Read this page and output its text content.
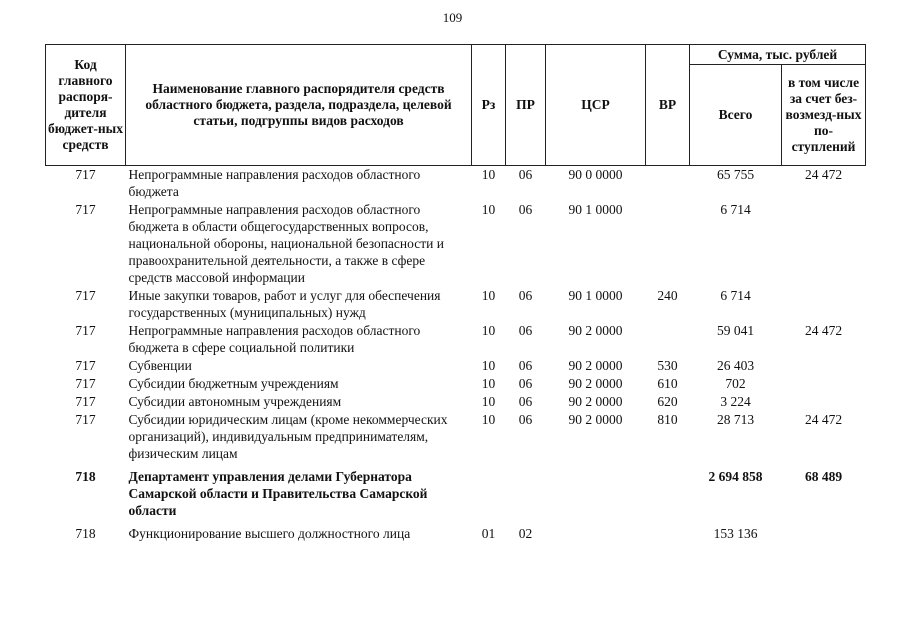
109
Код главного распоря-дителя бюджет-ных средств	Наименование главного распорядителя средств областного бюджета, раздела, подраздела, целевой статьи, подгруппы видов расходов	Рз	ПР	ЦСР	ВР	Сумма, тыс. рублей	
						Всего	в том числе за счет без-возмезд-ных по-ступлений
717	Непрограммные направления расходов областного бюджета	10	06	90 0 0000		65 755	24 472
717	Непрограммные направления расходов областного бюджета в области общегосударственных вопросов, национальной обороны, национальной безопасности и правоохранительной деятельности, а также в сфере средств массовой информации	10	06	90 1 0000		6 714	
717	Иные закупки товаров, работ и услуг для обеспечения государственных (муниципальных) нужд	10	06	90 1 0000	240	6 714	
717	Непрограммные направления расходов областного бюджета в сфере социальной политики	10	06	90 2 0000		59 041	24 472
717	Субвенции	10	06	90 2 0000	530	26 403	
717	Субсидии бюджетным учреждениям	10	06	90 2 0000	610	702	
717	Субсидии автономным учреждениям	10	06	90 2 0000	620	3 224	
717	Субсидии юридическим лицам (кроме некоммерческих организаций), индивидуальным предпринимателям, физическим лицам	10	06	90 2 0000	810	28 713	24 472
718	Департамент управления делами Губернатора Самарской области и Правительства Самарской области					2 694 858	68 489
718	Функционирование высшего должностного лица	01	02			153 136	
